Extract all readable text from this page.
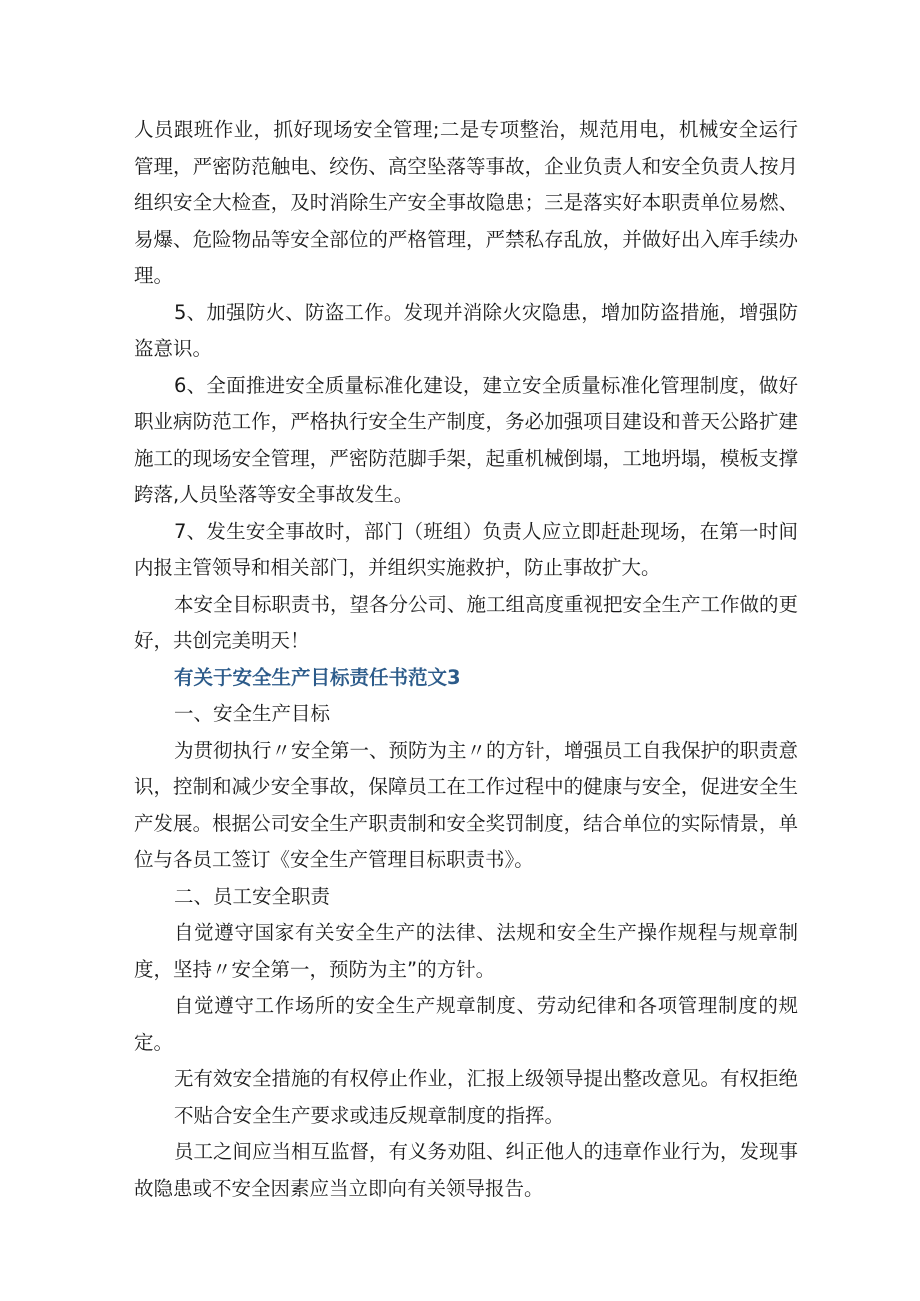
人员跟班作业，抓好现场安全管理;二是专项整治，规范用电，机械安全运行管理，严密防范触电、绞伤、高空坠落等事故，企业负责人和安全负责人按月组织安全大检查，及时消除生产安全事故隐患；三是落实好本职责单位易燃、易爆、危险物品等安全部位的严格管理，严禁私存乱放，并做好出入库手续办理。

5、加强防火、防盗工作。发现并消除火灾隐患，增加防盗措施，增强防盗意识。

6、全面推进安全质量标准化建设，建立安全质量标准化管理制度，做好职业病防范工作，严格执行安全生产制度，务必加强项目建设和普天公路扩建施工的现场安全管理，严密防范脚手架，起重机械倒塌，工地坍塌，模板支撑跨落,人员坠落等安全事故发生。

7、发生安全事故时，部门（班组）负责人应立即赶赴现场，在第一时间内报主管领导和相关部门，并组织实施救护，防止事故扩大。

本安全目标职责书，望各分公司、施工组高度重视把安全生产工作做的更好，共创完美明天！

有关于安全生产目标责任书范文3

一、安全生产目标

为贯彻执行〃安全第一、预防为主〃的方针，增强员工自我保护的职责意识，控制和减少安全事故，保障员工在工作过程中的健康与安全，促进安全生产发展。根据公司安全生产职责制和安全奖罚制度，结合单位的实际情景，单位与各员工签订《安全生产管理目标职责书》。

二、员工安全职责

自觉遵守国家有关安全生产的法律、法规和安全生产操作规程与规章制度，坚持〃安全第一，预防为主”的方针。

自觉遵守工作场所的安全生产规章制度、劳动纪律和各项管理制度的规定。

无有效安全措施的有权停止作业，汇报上级领导提出整改意见。有权拒绝不贴合安全生产要求或违反规章制度的指挥。

员工之间应当相互监督，有义务劝阻、纠正他人的违章作业行为，发现事故隐患或不安全因素应当立即向有关领导报告。
